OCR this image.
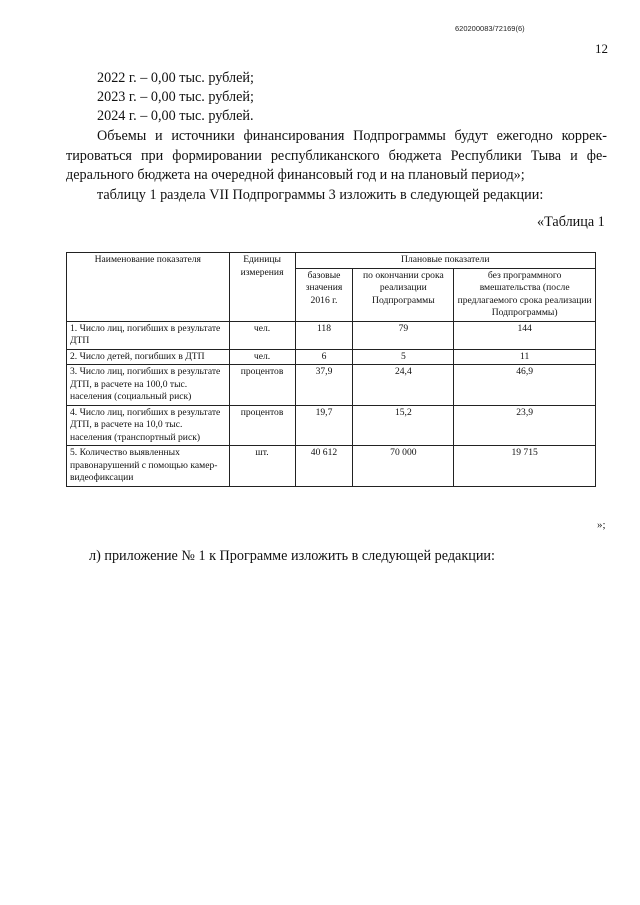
620200083/72169(6)
12
2022 г. – 0,00 тыс. рублей;
2023 г. – 0,00 тыс. рублей;
2024 г. – 0,00 тыс. рублей.
Объемы и источники финансирования Подпрограммы будут ежегодно коррек-
тироваться при формировании республиканского бюджета Республики Тыва и фе-
дерального бюджета на очередной финансовый год и на плановый период»;
таблицу 1 раздела VII Подпрограммы 3 изложить в следующей редакции:
«Таблица 1
Наименование показателя	Единицы измерения	Плановые показатели		
		базовые значения 2016 г.	по окончании срока реализации Подпрограммы	без программного вмешательства (после предлагаемого срока реализации Подпрограммы)
1. Число лиц, погибших в результате ДТП	чел.	118	79	144
2. Число детей, погибших в ДТП	чел.	6	5	11
3. Число лиц, погибших в результате ДТП, в расчете на 100,0 тыс. населения (социальный риск)	процентов	37,9	24,4	46,9
4. Число лиц, погибших в результате ДТП, в расчете на 10,0 тыс. населения (транспортный риск)	процентов	19,7	15,2	23,9
5. Количество выявленных правонарушений с помощью камер-видеофиксации	шт.	40 612	70 000	19 715
»;
л) приложение № 1 к Программе изложить в следующей редакции:
